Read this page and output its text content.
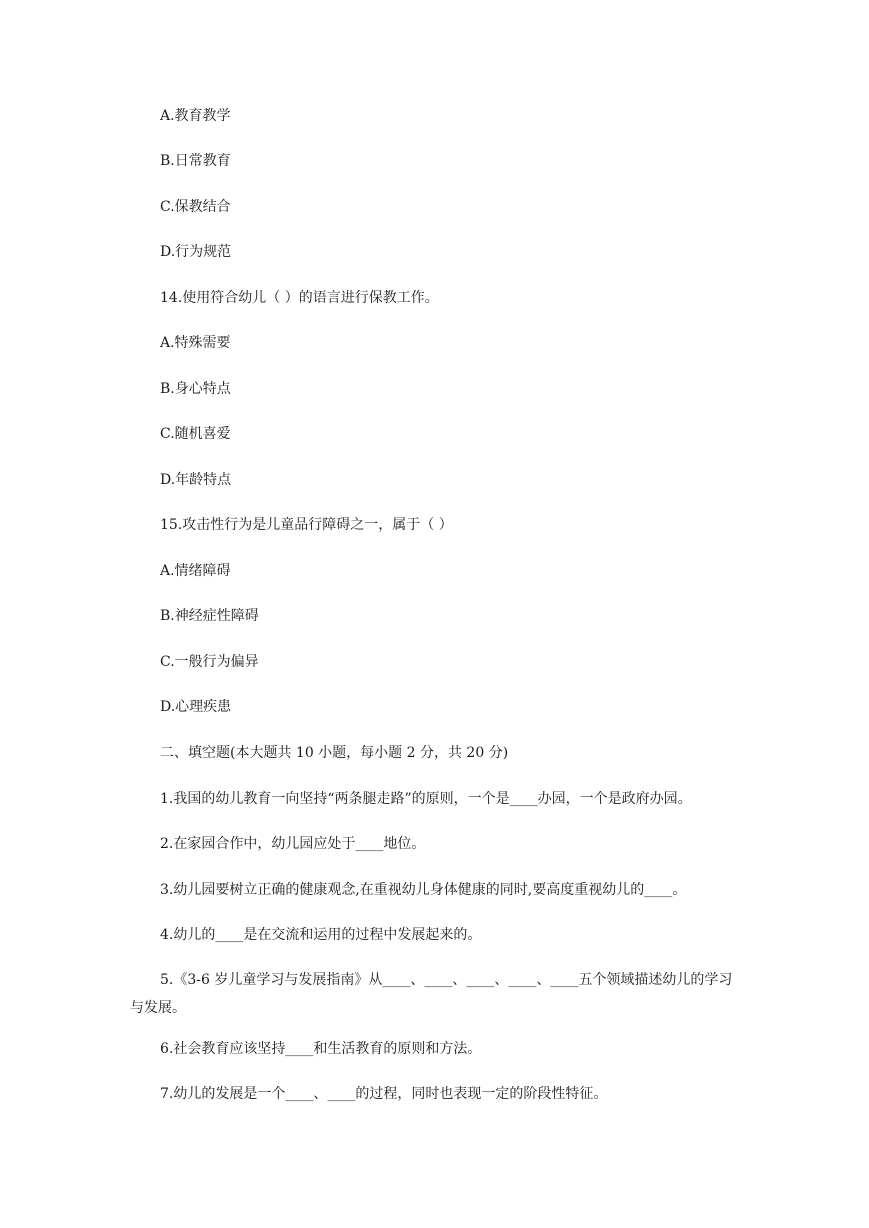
A.教育教学
B.日常教育
C.保教结合
D.行为规范
14.使用符合幼儿（ ）的语言进行保教工作。
A.特殊需要
B.身心特点
C.随机喜爱
D.年龄特点
15.攻击性行为是儿童品行障碍之一，属于（ ）
A.情绪障碍
B.神经症性障碍
C.一般行为偏异
D.心理疾患
二、填空题(本大题共 10 小题，每小题 2 分，共 20 分)
1.我国的幼儿教育一向坚持“两条腿走路”的原则，一个是____办园，一个是政府办园。
2.在家园合作中，幼儿园应处于____地位。
3.幼儿园要树立正确的健康观念,在重视幼儿身体健康的同时,要高度重视幼儿的____。
4.幼儿的____是在交流和运用的过程中发展起来的。
5.《3-6 岁儿童学习与发展指南》从____、____、____、____、____五个领域描述幼儿的学习与发展。
6.社会教育应该坚持____和生活教育的原则和方法。
7.幼儿的发展是一个____、____的过程，同时也表现一定的阶段性特征。
